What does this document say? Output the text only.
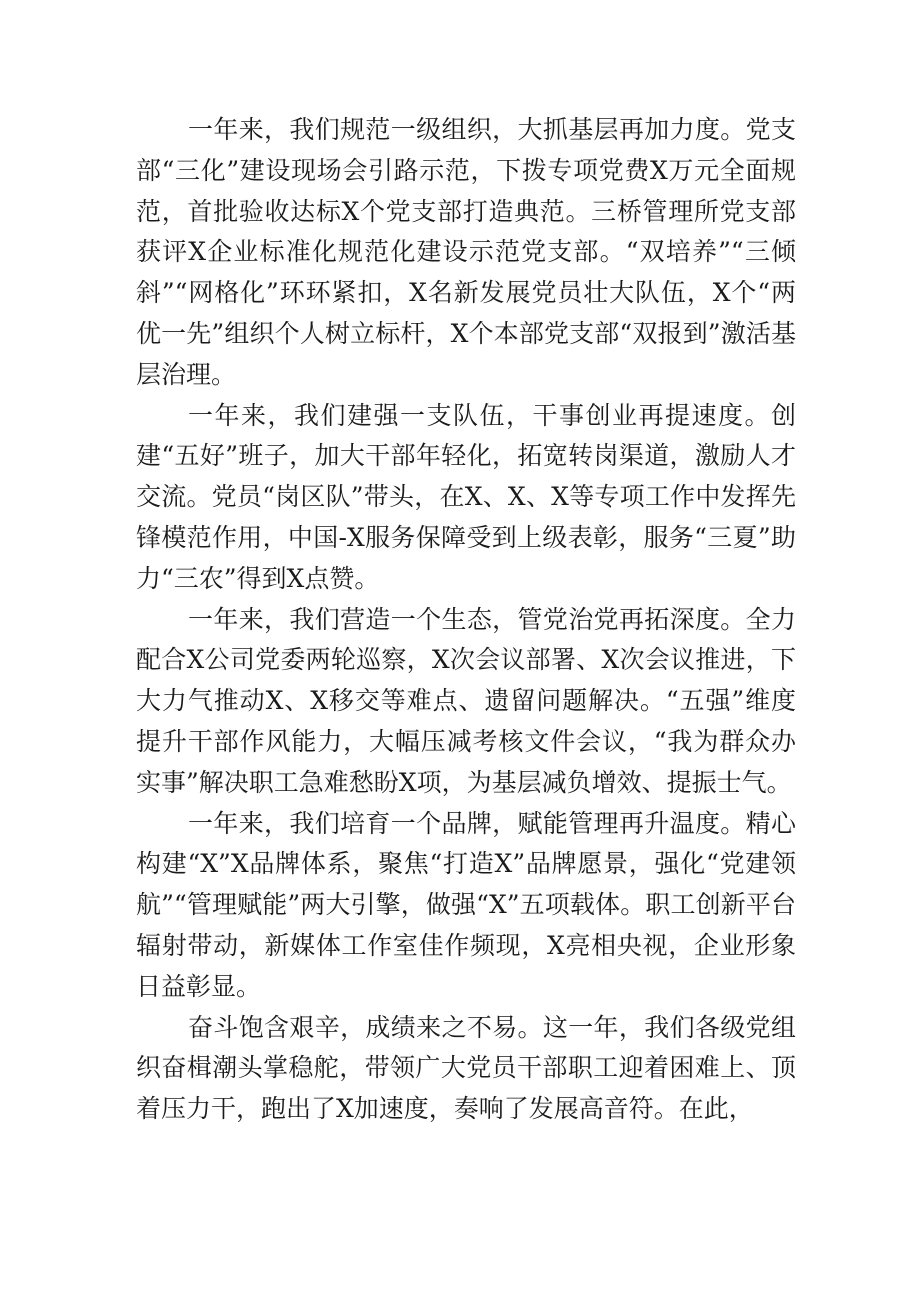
一年来，我们规范一级组织，大抓基层再加力度。党支部“三化”建设现场会引路示范，下拨专项党费X万元全面规范，首批验收达标X个党支部打造典范。三桥管理所党支部获评X企业标准化规范化建设示范党支部。“双培养”“三倾斜”“网格化”环环紧扣，X名新发展党员壮大队伍，X个“两优一先”组织个人树立标杆，X个本部党支部“双报到”激活基层治理。

一年来，我们建强一支队伍，干事创业再提速度。创建“五好”班子，加大干部年轻化，拓宽转岗渠道，激励人才交流。党员“岗区队”带头，在X、X、X等专项工作中发挥先锋模范作用，中国-X服务保障受到上级表彰，服务“三夏”助力“三农”得到X点赞。

一年来，我们营造一个生态，管党治党再拓深度。全力配合X公司党委两轮巡察，X次会议部署、X次会议推进，下大力气推动X、X移交等难点、遗留问题解决。“五强”维度提升干部作风能力，大幅压减考核文件会议，“我为群众办实事”解决职工急难愁盼X项，为基层减负增效、提振士气。

一年来，我们培育一个品牌，赋能管理再升温度。精心构建“X”X品牌体系，聚焦“打造X”品牌愿景，强化“党建领航”“管理赋能”两大引擎，做强“X”五项载体。职工创新平台辐射带动，新媒体工作室佳作频现，X亮相央视，企业形象日益彰显。

奋斗饱含艰辛，成绩来之不易。这一年，我们各级党组织奋楫潮头掌稳舵，带领广大党员干部职工迎着困难上、顶着压力干，跑出了X加速度，奏响了发展高音符。在此，
